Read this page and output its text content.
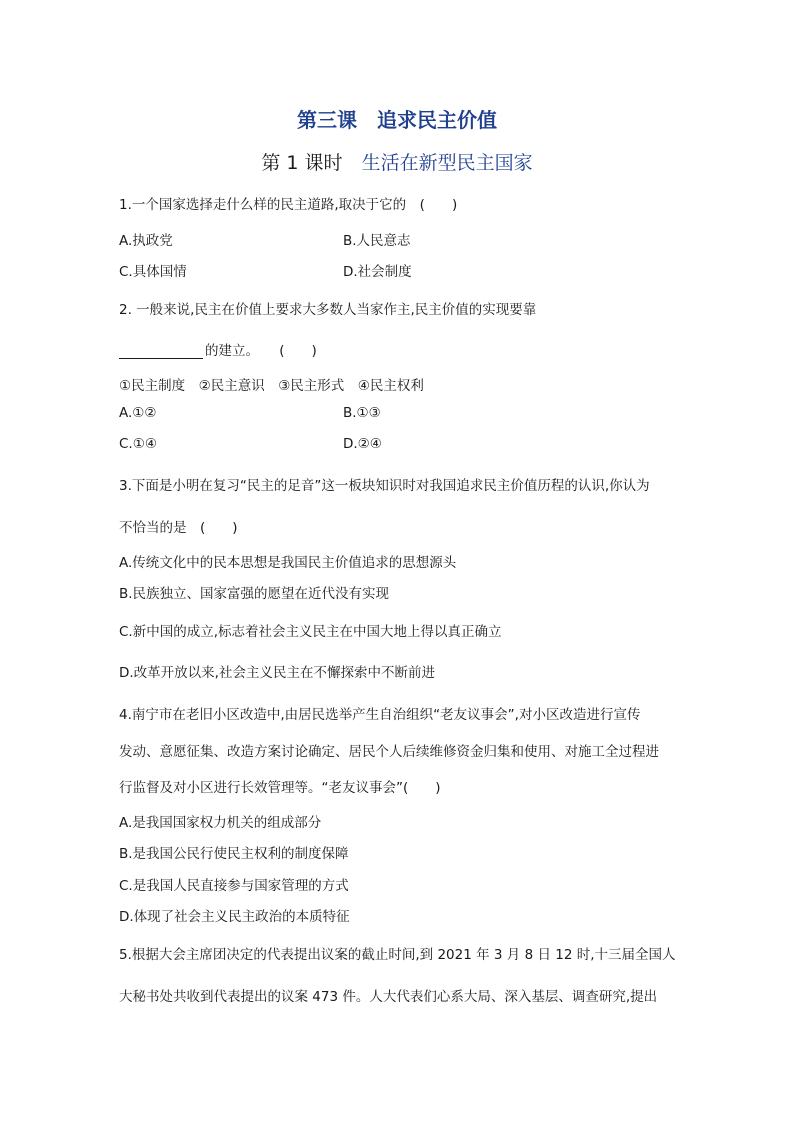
第三课　追求民主价值
第 1 课时　 生活在新型民主国家
1.一个国家选择走什么样的民主道路,取决于它的　(　　)
A.执政党	B.人民意志
C.具体国情	D.社会制度
2. 一般来说,民主在价值上要求大多数人当家作主,民主价值的实现要靠
的建立。　　(　　)
①民主制度　②民主意识　③民主形式　④民主权利
A.①②	B.①③
C.①④	D.②④
3.下面是小明在复习“民主的足音”这一板块知识时对我国追求民主价值历程的认识,你认为
不恰当的是　(　　)
A.传统文化中的民本思想是我国民主价值追求的思想源头
B.民族独立、国家富强的愿望在近代没有实现
C.新中国的成立,标志着社会主义民主在中国大地上得以真正确立
D.改革开放以来,社会主义民主在不懈探索中不断前进
4.南宁市在老旧小区改造中,由居民选举产生自治组织“老友议事会”,对小区改造进行宣传
发动、意愿征集、改造方案讨论确定、居民个人后续维修资金归集和使用、对施工全过程进
行监督及对小区进行长效管理等。“老友议事会”(　　)
A.是我国国家权力机关的组成部分
B.是我国公民行使民主权利的制度保障
C.是我国人民直接参与国家管理的方式
D.体现了社会主义民主政治的本质特征
5.根据大会主席团决定的代表提出议案的截止时间,到 2021 年 3 月 8 日 12 时,十三届全国人
大秘书处共收到代表提出的议案 473 件。人大代表们心系大局、深入基层、调查研究,提出
